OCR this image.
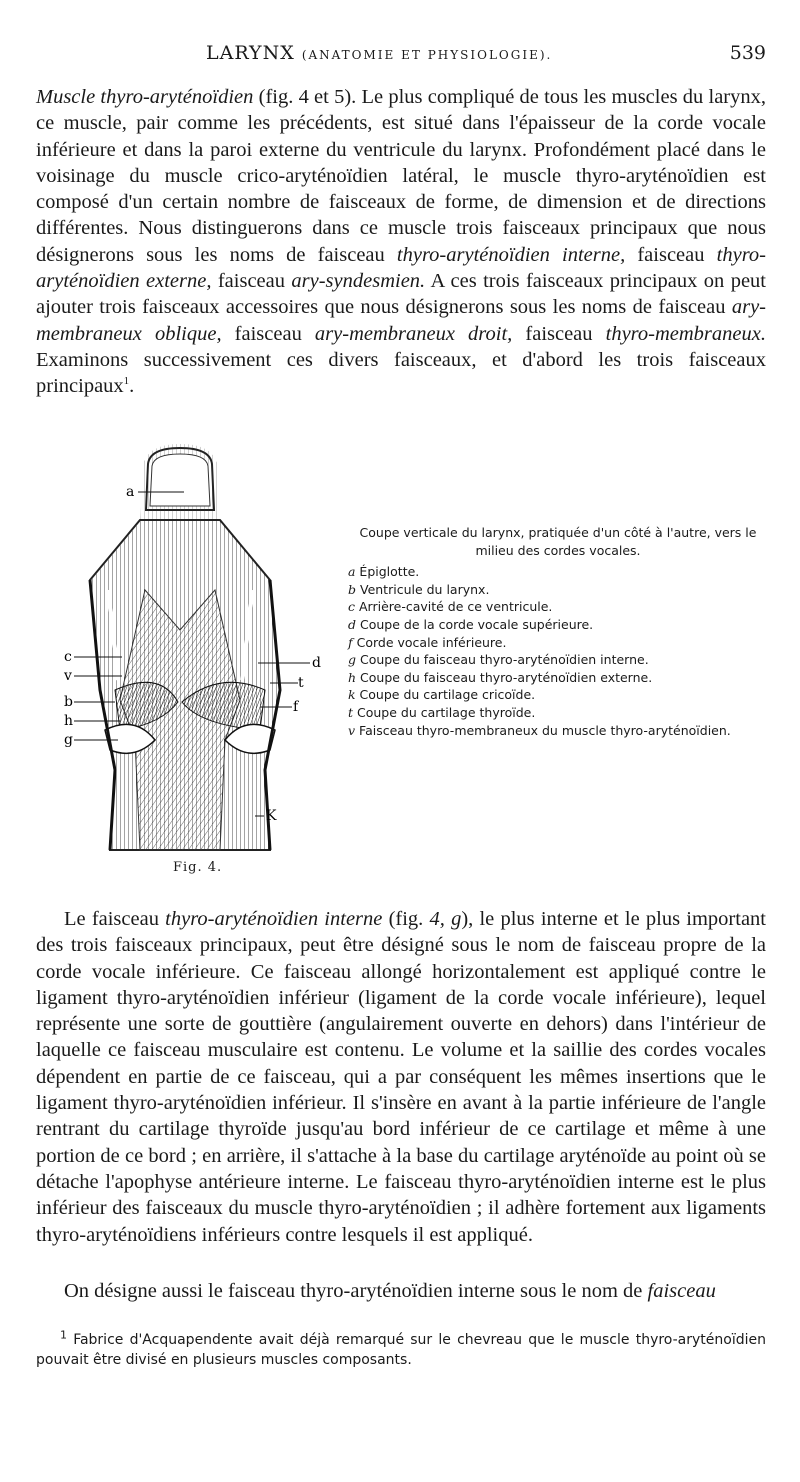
LARYNX (ANATOMIE ET PHYSIOLOGIE).	539
Muscle thyro-aryténoïdien (fig. 4 et 5). Le plus compliqué de tous les muscles du larynx, ce muscle, pair comme les précédents, est situé dans l'épaisseur de la corde vocale inférieure et dans la paroi externe du ventricule du larynx. Profondément placé dans le voisinage du muscle crico-aryténoïdien latéral, le muscle thyro-aryténoïdien est composé d'un certain nombre de faisceaux de forme, de dimension et de directions différentes. Nous distinguerons dans ce muscle trois faisceaux principaux que nous désignerons sous les noms de faisceau thyro-aryténoïdien interne, faisceau thyro-aryténoïdien externe, faisceau ary-syndesmien. A ces trois faisceaux principaux on peut ajouter trois faisceaux accessoires que nous désignerons sous les noms de faisceau ary-membraneux oblique, faisceau ary-membraneux droit, faisceau thyro-membraneux. Examinons successivement ces divers faisceaux, et d'abord les trois faisceaux principaux$^1$.
a
c
v
b
h
g
d
t
f
K
Fig. 4.
Coupe verticale du larynx, pratiquée d'un côté à l'autre, vers le milieu des cordes vocales.
a Épiglotte.
b Ventricule du larynx.
c Arrière-cavité de ce ventricule.
d Coupe de la corde vocale supérieure.
f Corde vocale inférieure.
g Coupe du faisceau thyro-aryténoïdien interne.
h Coupe du faisceau thyro-aryténoïdien externe.
k Coupe du cartilage cricoïde.
t Coupe du cartilage thyroïde.
v Faisceau thyro-membraneux du muscle thyro-aryténoïdien.
Le faisceau thyro-aryténoïdien interne (fig. 4, g), le plus interne et le plus important des trois faisceaux principaux, peut être désigné sous le nom de faisceau propre de la corde vocale inférieure. Ce faisceau allongé horizontalement est appliqué contre le ligament thyro-aryténoïdien inférieur (ligament de la corde vocale inférieure), lequel représente une sorte de gouttière (angulairement ouverte en dehors) dans l'intérieur de laquelle ce faisceau musculaire est contenu. Le volume et la saillie des cordes vocales dépendent en partie de ce faisceau, qui a par conséquent les mêmes insertions que le ligament thyro-aryténoïdien inférieur. Il s'insère en avant à la partie inférieure de l'angle rentrant du cartilage thyroïde jusqu'au bord inférieur de ce cartilage et même à une portion de ce bord ; en arrière, il s'attache à la base du cartilage aryténoïde au point où se détache l'apophyse antérieure interne. Le faisceau thyro-aryténoïdien interne est le plus inférieur des faisceaux du muscle thyro-aryténoïdien ; il adhère fortement aux ligaments thyro-aryténoïdiens inférieurs contre lesquels il est appliqué.
On désigne aussi le faisceau thyro-aryténoïdien interne sous le nom de faisceau
$^1$ Fabrice d'Acquapendente avait déjà remarqué sur le chevreau que le muscle thyro-aryténoïdien pouvait être divisé en plusieurs muscles composants.
